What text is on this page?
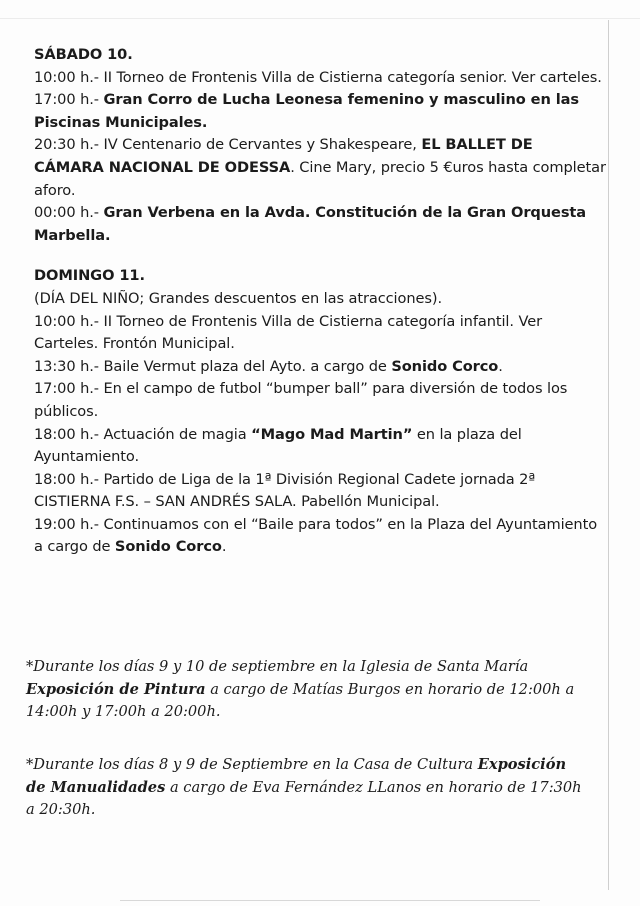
SÁBADO 10.

10:00 h.- II Torneo de Frontenis Villa de Cistierna categoría senior. Ver carteles.

17:00 h.- Gran Corro de Lucha Leonesa femenino y masculino en las Piscinas Municipales.

20:30 h.- IV Centenario de Cervantes y Shakespeare, EL BALLET DE CÁMARA NACIONAL DE ODESSA. Cine Mary, precio 5 €uros hasta completar aforo.

00:00 h.- Gran Verbena en la Avda. Constitución de la Gran Orquesta Marbella.

DOMINGO 11.

(DÍA DEL NIÑO; Grandes descuentos en las atracciones).

10:00 h.- II Torneo de Frontenis Villa de Cistierna categoría infantil. Ver Carteles. Frontón Municipal.

13:30 h.- Baile Vermut plaza del Ayto. a cargo de Sonido Corco.

17:00 h.- En el campo de futbol “bumper ball” para diversión de todos los públicos.

18:00 h.- Actuación de magia “Mago Mad Martin” en la plaza del Ayuntamiento.

18:00 h.- Partido de Liga de la 1ª División Regional Cadete jornada 2ª CISTIERNA F.S. – SAN ANDRÉS SALA. Pabellón Municipal.

19:00 h.- Continuamos con el “Baile para todos” en la Plaza del Ayuntamiento a cargo de Sonido Corco.

*Durante los días 9 y 10 de septiembre en la Iglesia de Santa María Exposición de Pintura a cargo de Matías Burgos en horario de 12:00h a 14:00h y 17:00h a 20:00h.

*Durante los días 8 y 9 de Septiembre en la Casa de Cultura Exposición de Manualidades a cargo de Eva Fernández LLanos en horario de 17:30h a 20:30h.
